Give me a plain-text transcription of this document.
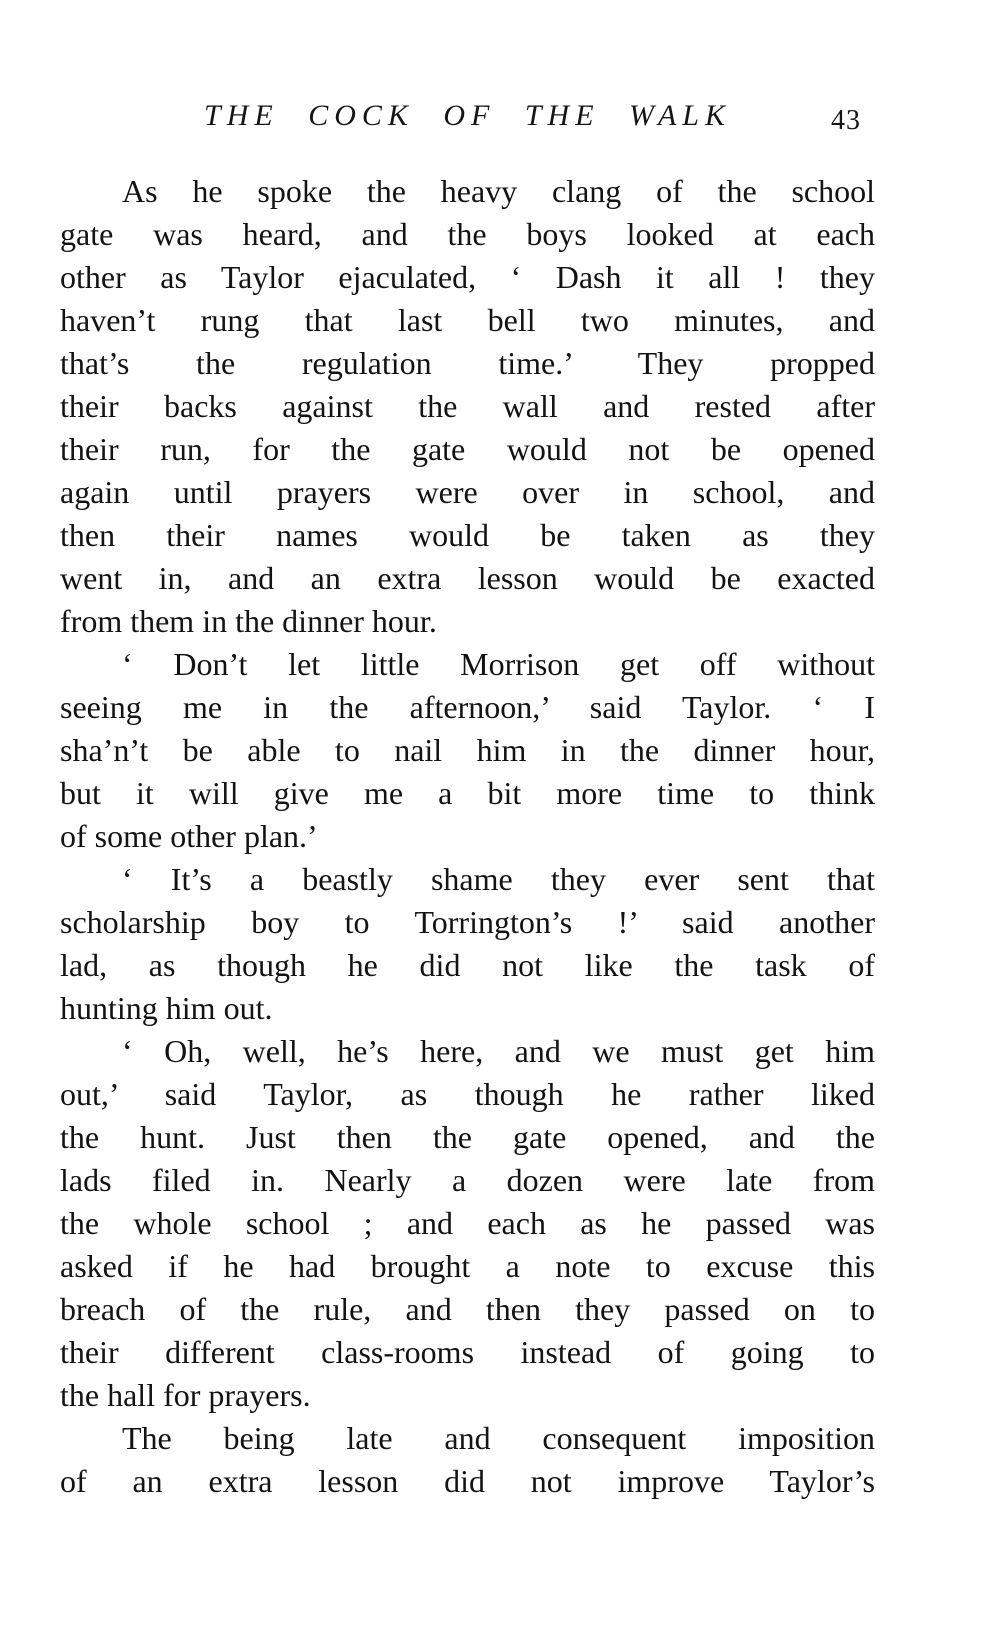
THE COCK OF THE WALK	43
As he spoke the heavy clang of the school
gate was heard, and the boys looked at each
other as Taylor ejaculated, ‘ Dash it all ! they
haven’t rung that last bell two minutes, and
that’s the regulation time.’ They propped
their backs against the wall and rested after
their run, for the gate would not be opened
again until prayers were over in school, and
then their names would be taken as they
went in, and an extra lesson would be exacted
from them in the dinner hour.
‘ Don’t let little Morrison get off without
seeing me in the afternoon,’ said Taylor. ‘ I
sha’n’t be able to nail him in the dinner hour,
but it will give me a bit more time to think
of some other plan.’
‘ It’s a beastly shame they ever sent that
scholarship boy to Torrington’s !’ said another
lad, as though he did not like the task of
hunting him out.
‘ Oh, well, he’s here, and we must get him
out,’ said Taylor, as though he rather liked
the hunt. Just then the gate opened, and the
lads filed in. Nearly a dozen were late from
the whole school ; and each as he passed was
asked if he had brought a note to excuse this
breach of the rule, and then they passed on to
their different class-rooms instead of going to
the hall for prayers.
The being late and consequent imposition
of an extra lesson did not improve Taylor’s
